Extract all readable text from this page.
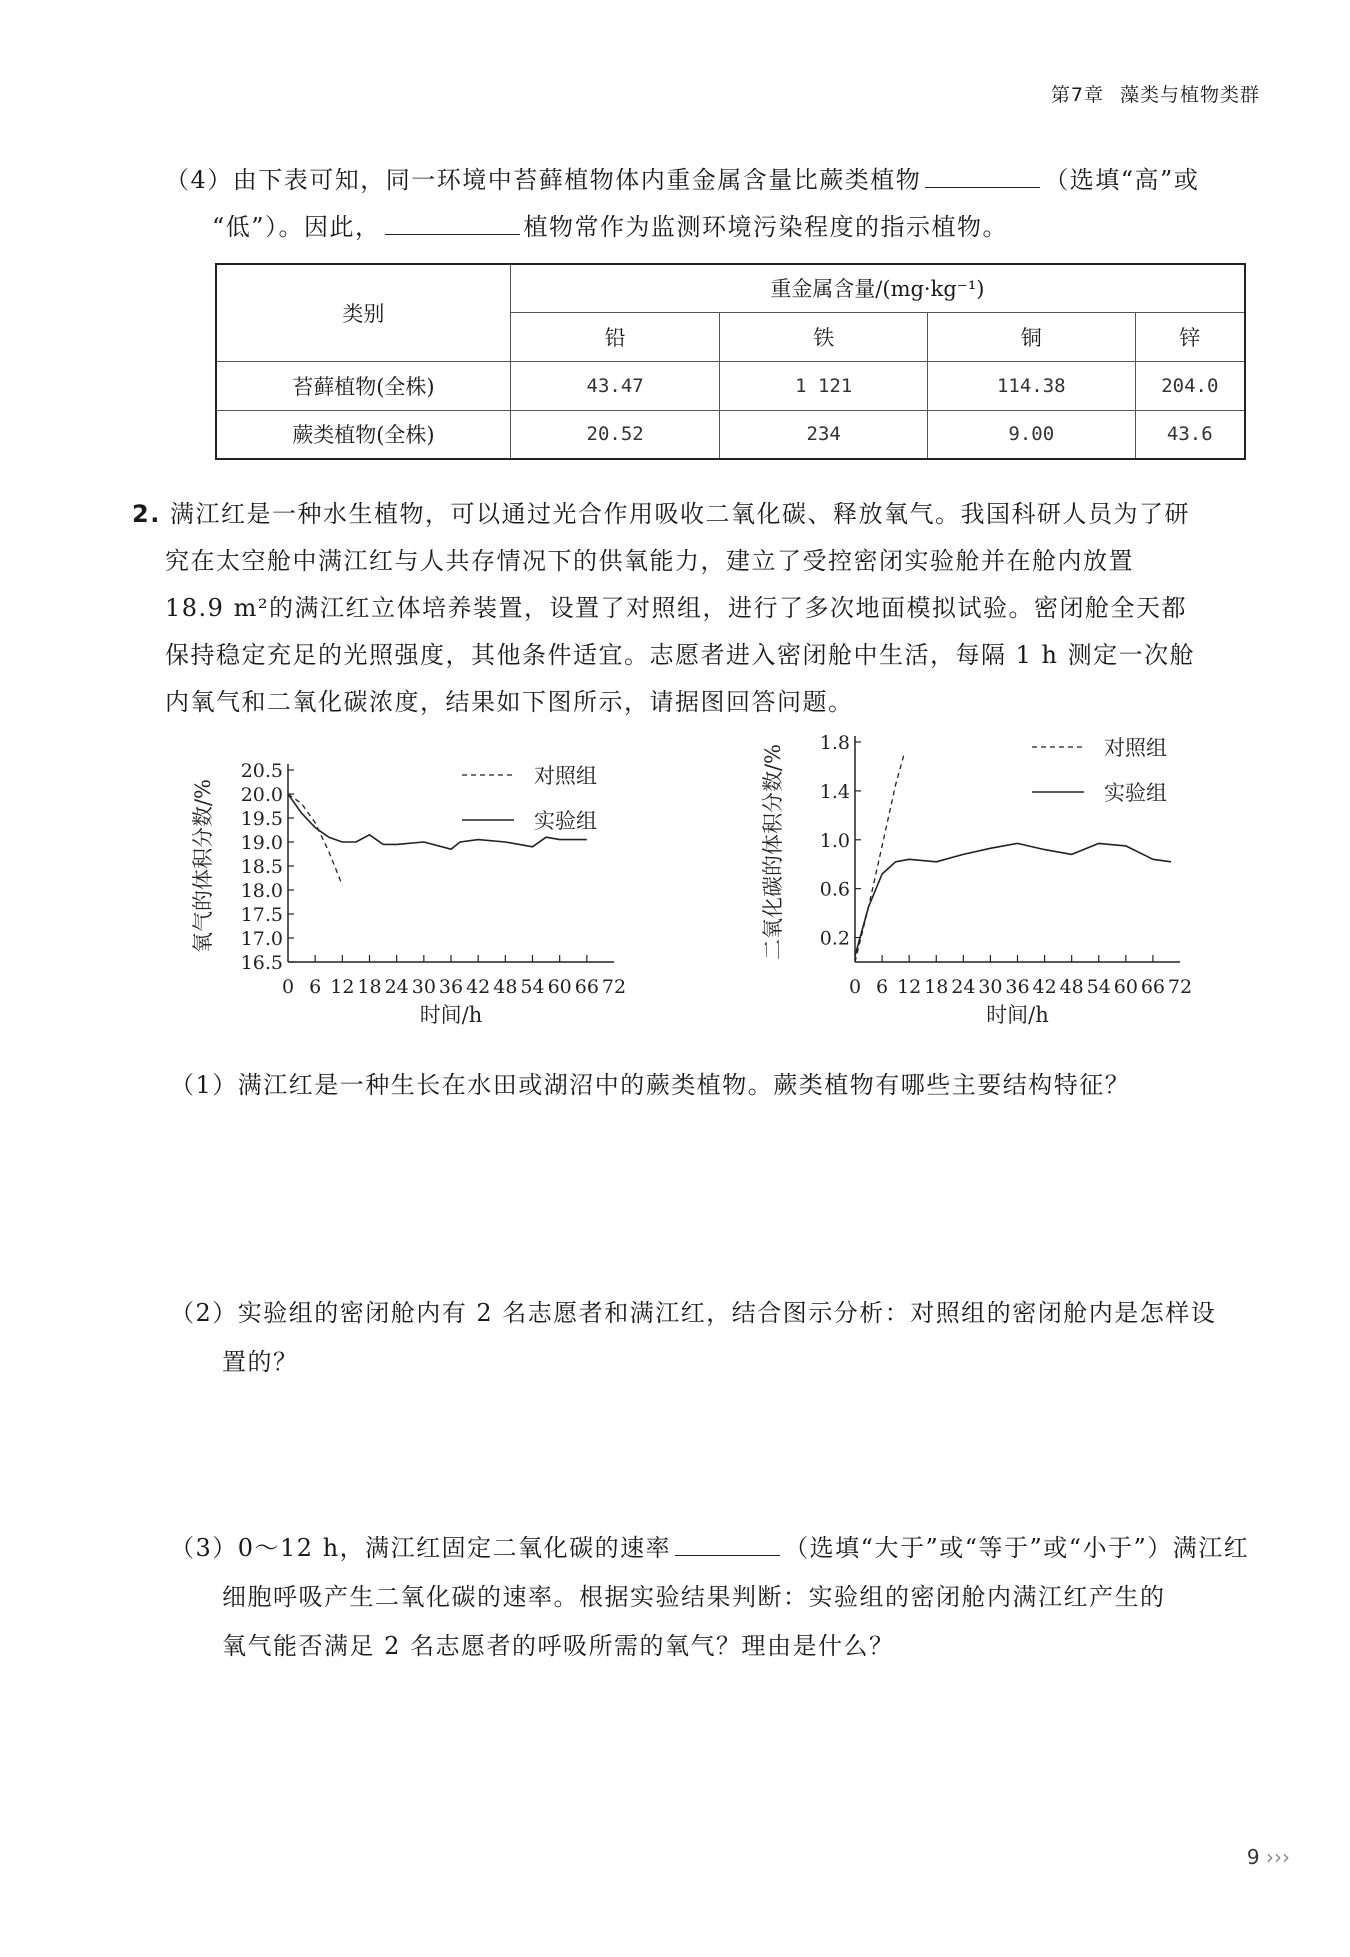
第7章 藻类与植物类群
（4）由下表可知，同一环境中苔藓植物体内重金属含量比蕨类植物	（选填“高”或
“低”）。因此，	植物常作为监测环境污染程度的指示植物。
类别	重金属含量/(mg·kg⁻¹)			
	铅	铁	铜	锌
苔藓植物(全株)	43.47	1 121	114.38	204.0
蕨类植物(全株)	20.52	234	9.00	43.6
2. 满江红是一种水生植物，可以通过光合作用吸收二氧化碳、释放氧气。我国科研人员为了研
究在太空舱中满江红与人共存情况下的供氧能力，建立了受控密闭实验舱并在舱内放置
18.9 m²的满江红立体培养装置，设置了对照组，进行了多次地面模拟试验。密闭舱全天都
保持稳定充足的光照强度，其他条件适宜。志愿者进入密闭舱中生活，每隔 1 h 测定一次舱
内氧气和二氧化碳浓度，结果如下图所示，请据图回答问题。
16.5
17.0
17.5
18.0
18.5
19.0
19.5
20.0
20.5
0 6 12 18 24 30 36 42 48 54 60 66 72
时间/h
氧气的体积分数/%
对照组
实验组
0.2
0.6
1.0
1.4
1.8
0 6 12 18 24 30 36 42 48 54 60 66 72
时间/h
二氧化碳的体积分数/%	对照组
实验组
（1）满江红是一种生长在水田或湖沼中的蕨类植物。蕨类植物有哪些主要结构特征？
（2）实验组的密闭舱内有 2 名志愿者和满江红，结合图示分析：对照组的密闭舱内是怎样设
置的？
（3）0～12 h，满江红固定二氧化碳的速率	（选填“大于”或“等于”或“小于”）满江红
细胞呼吸产生二氧化碳的速率。根据实验结果判断：实验组的密闭舱内满江红产生的
氧气能否满足 2 名志愿者的呼吸所需的氧气？理由是什么？
9 ›››
